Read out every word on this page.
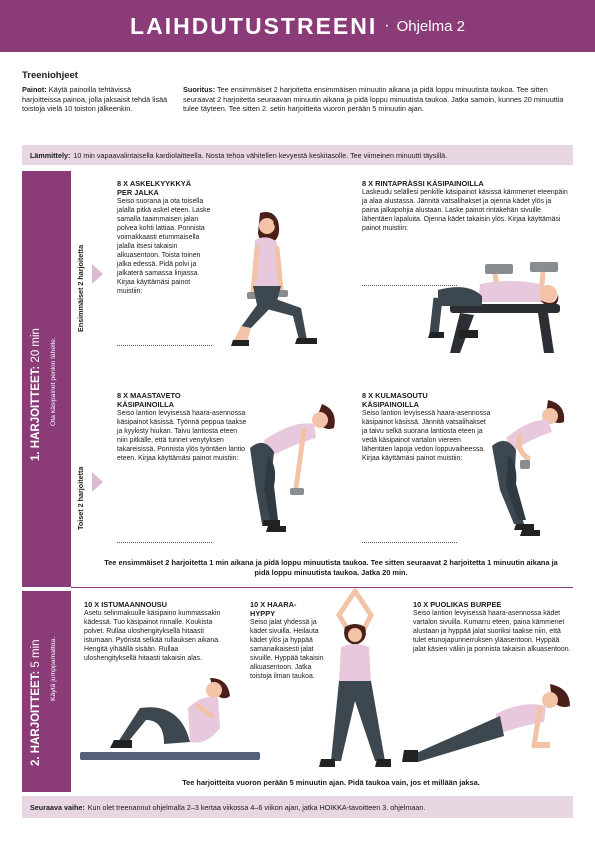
LAIHDUTUSTREENI · Ohjelma 2
Treeniohjeet
Painot: Käytä painoilla tehtävissä harjoitteissa painoa, jolla jaksaisit tehdä lisää toistoja vielä 10 toiston jälkeenkin.
Suoritus: Tee ensimmäiset 2 harjoitetta ensimmäisen minuutin aikana ja pidä loppu minuutista taukoa. Tee sitten seuraavat 2 harjoitetta seuraavan minuutin aikana ja pidä loppu minuutista taukoa. Jatka samoin, kunnes 20 minuuttia tulee täyteen. Tee sitten 2. setin harjoitteita vuoron perään 5 minuutin ajan.
Lämmittely: 10 min vapaavalintaisella kardiolaitteella. Nosta tehoa vähitellen kevyestä keskitasolle. Tee viimeinen minuutti täysillä.
1. HARJOITTEET: 20 min Ota käsipainot penkin lähelle.
Ensimmäiset 2 harjoitetta
Toiset 2 harjoitetta
8 X ASKELKYYKKYÄ
PER JALKA
Seiso suorana ja ota toisella jalalla pitkä askel eteen. Laske samalla taaimmaisen jalan polvea kohti lattiaa. Ponnista voimakkaasti etummaisella jalalla itsesi takaisin alkuasentoon. Toista toinen jalka edessä. Pidä polvi ja jalkaterä samassa linjassa. Kirjaa käyttämäsi painot muistiin:
8 X RINTAPRÄSSI KÄSIPAINOILLA
Laskeudu selällesi penkille käsipainot käsissä kämmenet eteenpäin ja alaa alustassa. Jännitä vatsalihakset ja ojenna kädet ylös ja paina jalkapohjia alustaan. Laske painot rintakehän sivuille lähentäen lapaluita. Ojenna kädet takaisin ylös. Kirjaa käyttämäsi painot muistiin:
8 X MAASTAVETO
KÄSIPAINOILLA
Seiso lantion levyisessä haara-asennossa käsipainot käsissä. Työnnä peppua taakse ja kyykisty hiukan. Taivu lantiosta eteen niin pitkälle, että tunnet venytyksen takareisissä. Ponnista ylös työntäen lantio eteen. Kirjaa käyttämäsi painot muistiin:
8 X KULMASOUTU
KÄSIPAINOILLA
Seiso lantion levyisessä haara-asennossa käsipainot käsissä. Jännitä vatsalihakset ja taivu selkä suorana lantiosta eteen ja vedä käsipainot vartalon viereen lähentäen lapoja vedon loppuvaiheessa. Kirjaa käyttämäsi painot muistiin:
Tee ensimmäiset 2 harjoitetta 1 min aikana ja pidä loppu minuutista taukoa. Tee sitten seuraavat 2 harjoitetta 1 minuutin aikana ja pidä loppu minuutista taukoa. Jatka 20 min.
2. HARJOITTEET: 5 min Käytä jumppamattoa.
10 X ISTUMAANNOUSU
Asetu selinmakuulle käsipaino kummassakin kädessä. Tuo käsipainot rinnalle. Koukista polvet. Rullaa uloshengityksellä hitaasti istumaan. Pyöristä selkää rullauksen aikana. Hengitä ylhäällä sisään. Rullaa uloshengityksellä hitaasti takaisin alas.
10 X HAARA-
HYPPY
Seiso jalat yhdessä ja kädet sivuilla. Heilauta kädet ylös ja hyppää samanaikaisesti jalat sivuille. Hyppää takaisin alkuasentoon. Jatka toistoja ilman taukoa.
10 X PUOLIKAS BURPEE
Seiso lantion levyisessä haara-asennossa kädet vartalon sivuilla. Kumarru eteen, paina kämmenet alustaan ja hyppää jalat suoriksi taakse niin, että tulet etunojapunnerruksen yläasentoon. Hyppää jalat käsien väliin ja ponnista takaisin alkuasentoon.
Tee harjoitteita vuoron perään 5 minuutin ajan. Pidä taukoa vain, jos et millään jaksa.
Seuraava vaihe: Kun olet treenannut ohjelmalla 2–3 kertaa viikossa 4–6 viikon ajan, jatka HOIKKA-tavoitteen 3. ohjelmaan.
